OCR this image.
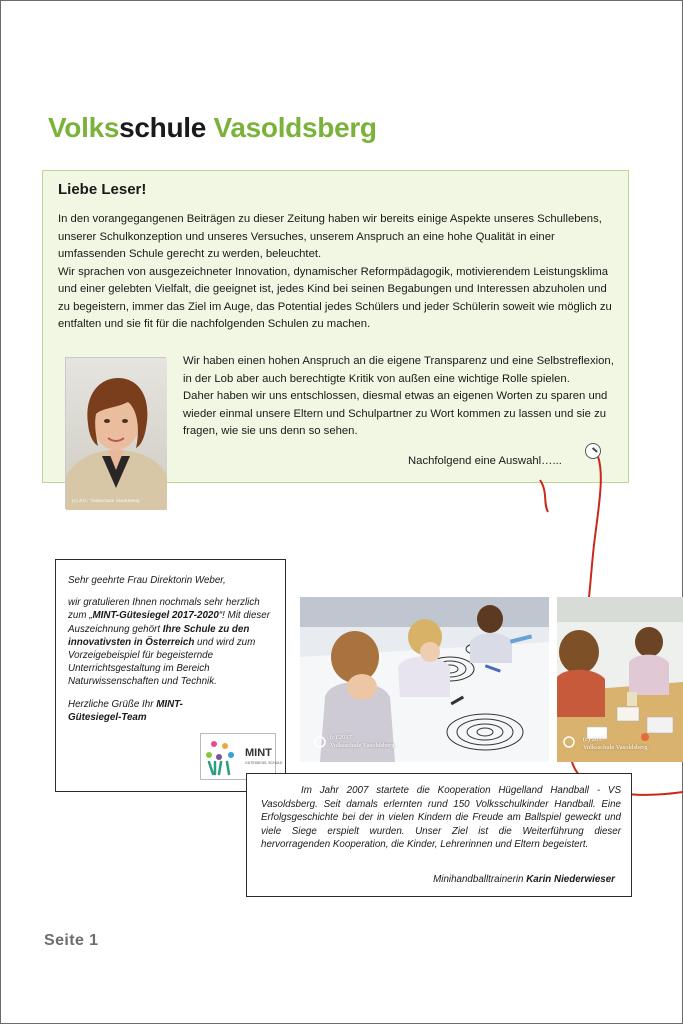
Volksschule Vasoldsberg
Liebe Leser!

In den vorangegangenen Beiträgen zu dieser Zeitung haben wir bereits einige Aspekte unseres Schullebens, unserer Schulkonzeption und unseres Versuches, unserem Anspruch an eine hohe Qualität in einer umfassenden Schule gerecht zu werden, beleuchtet.

Wir sprachen von ausgezeichneter Innovation, dynamischer Reformpädagogik, motivierendem Leistungsklima und einer gelebten Vielfalt, die geeignet ist, jedes Kind bei seinen Begabungen und Interessen abzuholen und zu begeistern, immer das Ziel im Auge, das Potential jedes Schülers und jeder Schülerin soweit wie möglich zu entfalten und sie fit für die nachfolgenden Schulen zu machen.

(c) 2017 Volksschule Vasoldsberg

Wir haben einen hohen Anspruch an die eigene Transparenz und eine Selbstreflexion, in der Lob aber auch berechtigte Kritik von außen eine wichtige Rolle spielen.

Daher haben wir uns entschlossen, diesmal etwas an eigenen Worten zu sparen und wieder einmal unsere Eltern und Schulpartner zu Wort kommen zu lassen und sie zu fragen, wie sie uns denn so sehen.

Nachfolgend eine Auswahl…...
Sehr geehrte Frau Direktorin Weber,
wir gratulieren Ihnen nochmals sehr herzlich zum „MINT-Gütesiegel 2017-2020“! Mit dieser Auszeichnung gehört Ihre Schule zu den innovativsten in Österreich und wird zum Vorzeigebeispiel für begeisternde Unterrichtsgestaltung im Bereich Naturwissenschaften und Technik.
Herzliche Grüße Ihr MINT-Gütesiegel-Team
MINT
GÜTESIEGEL SCHULE
(c) 2017
Volksschule Vasoldsberg
(c) 2017
Volksschule Vasoldsberg
Im Jahr 2007 startete die Kooperation Hügelland Handball - VS Vasoldsberg. Seit damals erlernten rund 150 Volksschulkinder Handball. Eine Erfolgsgeschichte bei der in vielen Kindern die Freude am Ballspiel geweckt und viele Siege erspielt wurden. Unser Ziel ist die Weiterführung dieser hervorragenden Kooperation, die Kinder, Lehrerinnen und Eltern begeistert.
Minihandballtrainerin Karin Niederwieser
Seite 1
